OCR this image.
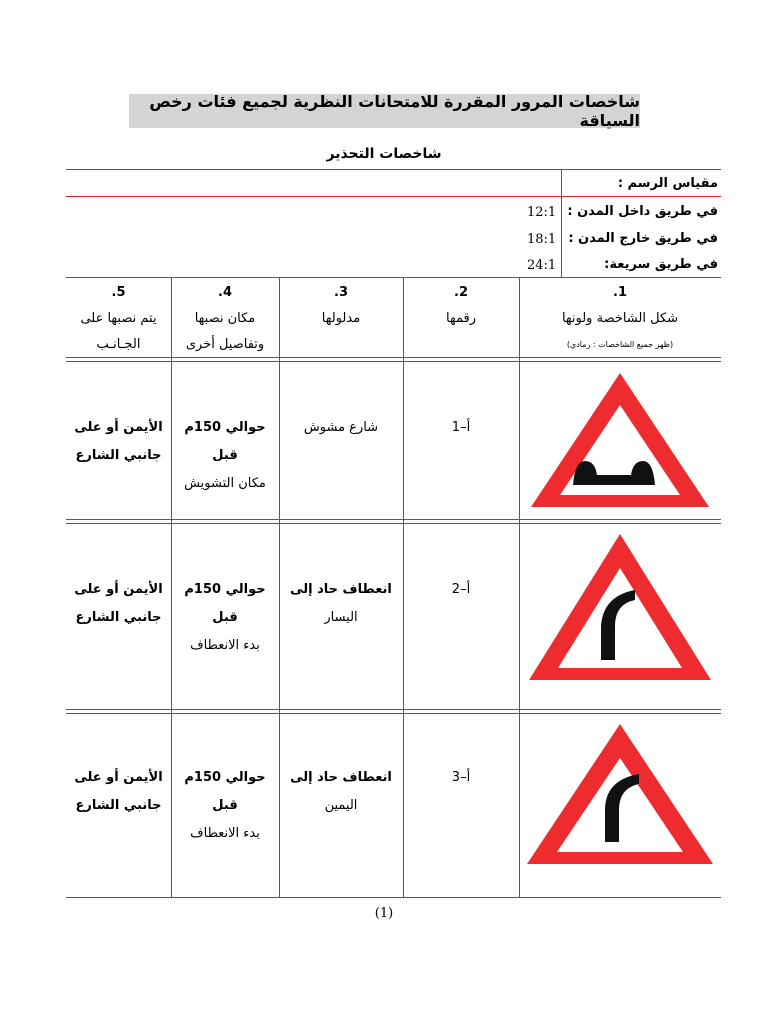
شاخصات المرور المقررة للامتحانات النظرية لجميع فئات رخص السياقة
شاخصات التحذير
مقياس الرسم :
في طريق داخل المدن :
في طريق خارج المدن :
في طريق سريعة:
12:1
18:1
24:1
1.
شكل الشاخصة ولونها
(ظهر جميع الشاخصات : رمادي)
2.
رقمها
3.
مدلولها
4.
مكان نصبها
وتفاصيل أخرى
5.
يتم نصبها على
الجـانـب
أ–1
شارع مشوش
حوالي 150م قبل
مكان التشويش
الأيمن أو على
جانبي الشارع
أ–2
انعطاف حاد إلى
اليسار
حوالي 150م قبل
بدء الانعطاف
الأيمن أو على
جانبي الشارع
أ–3
انعطاف حاد إلى
اليمين
حوالي 150م قبل
بدء الانعطاف
الأيمن أو على
جانبي الشارع
(1)
